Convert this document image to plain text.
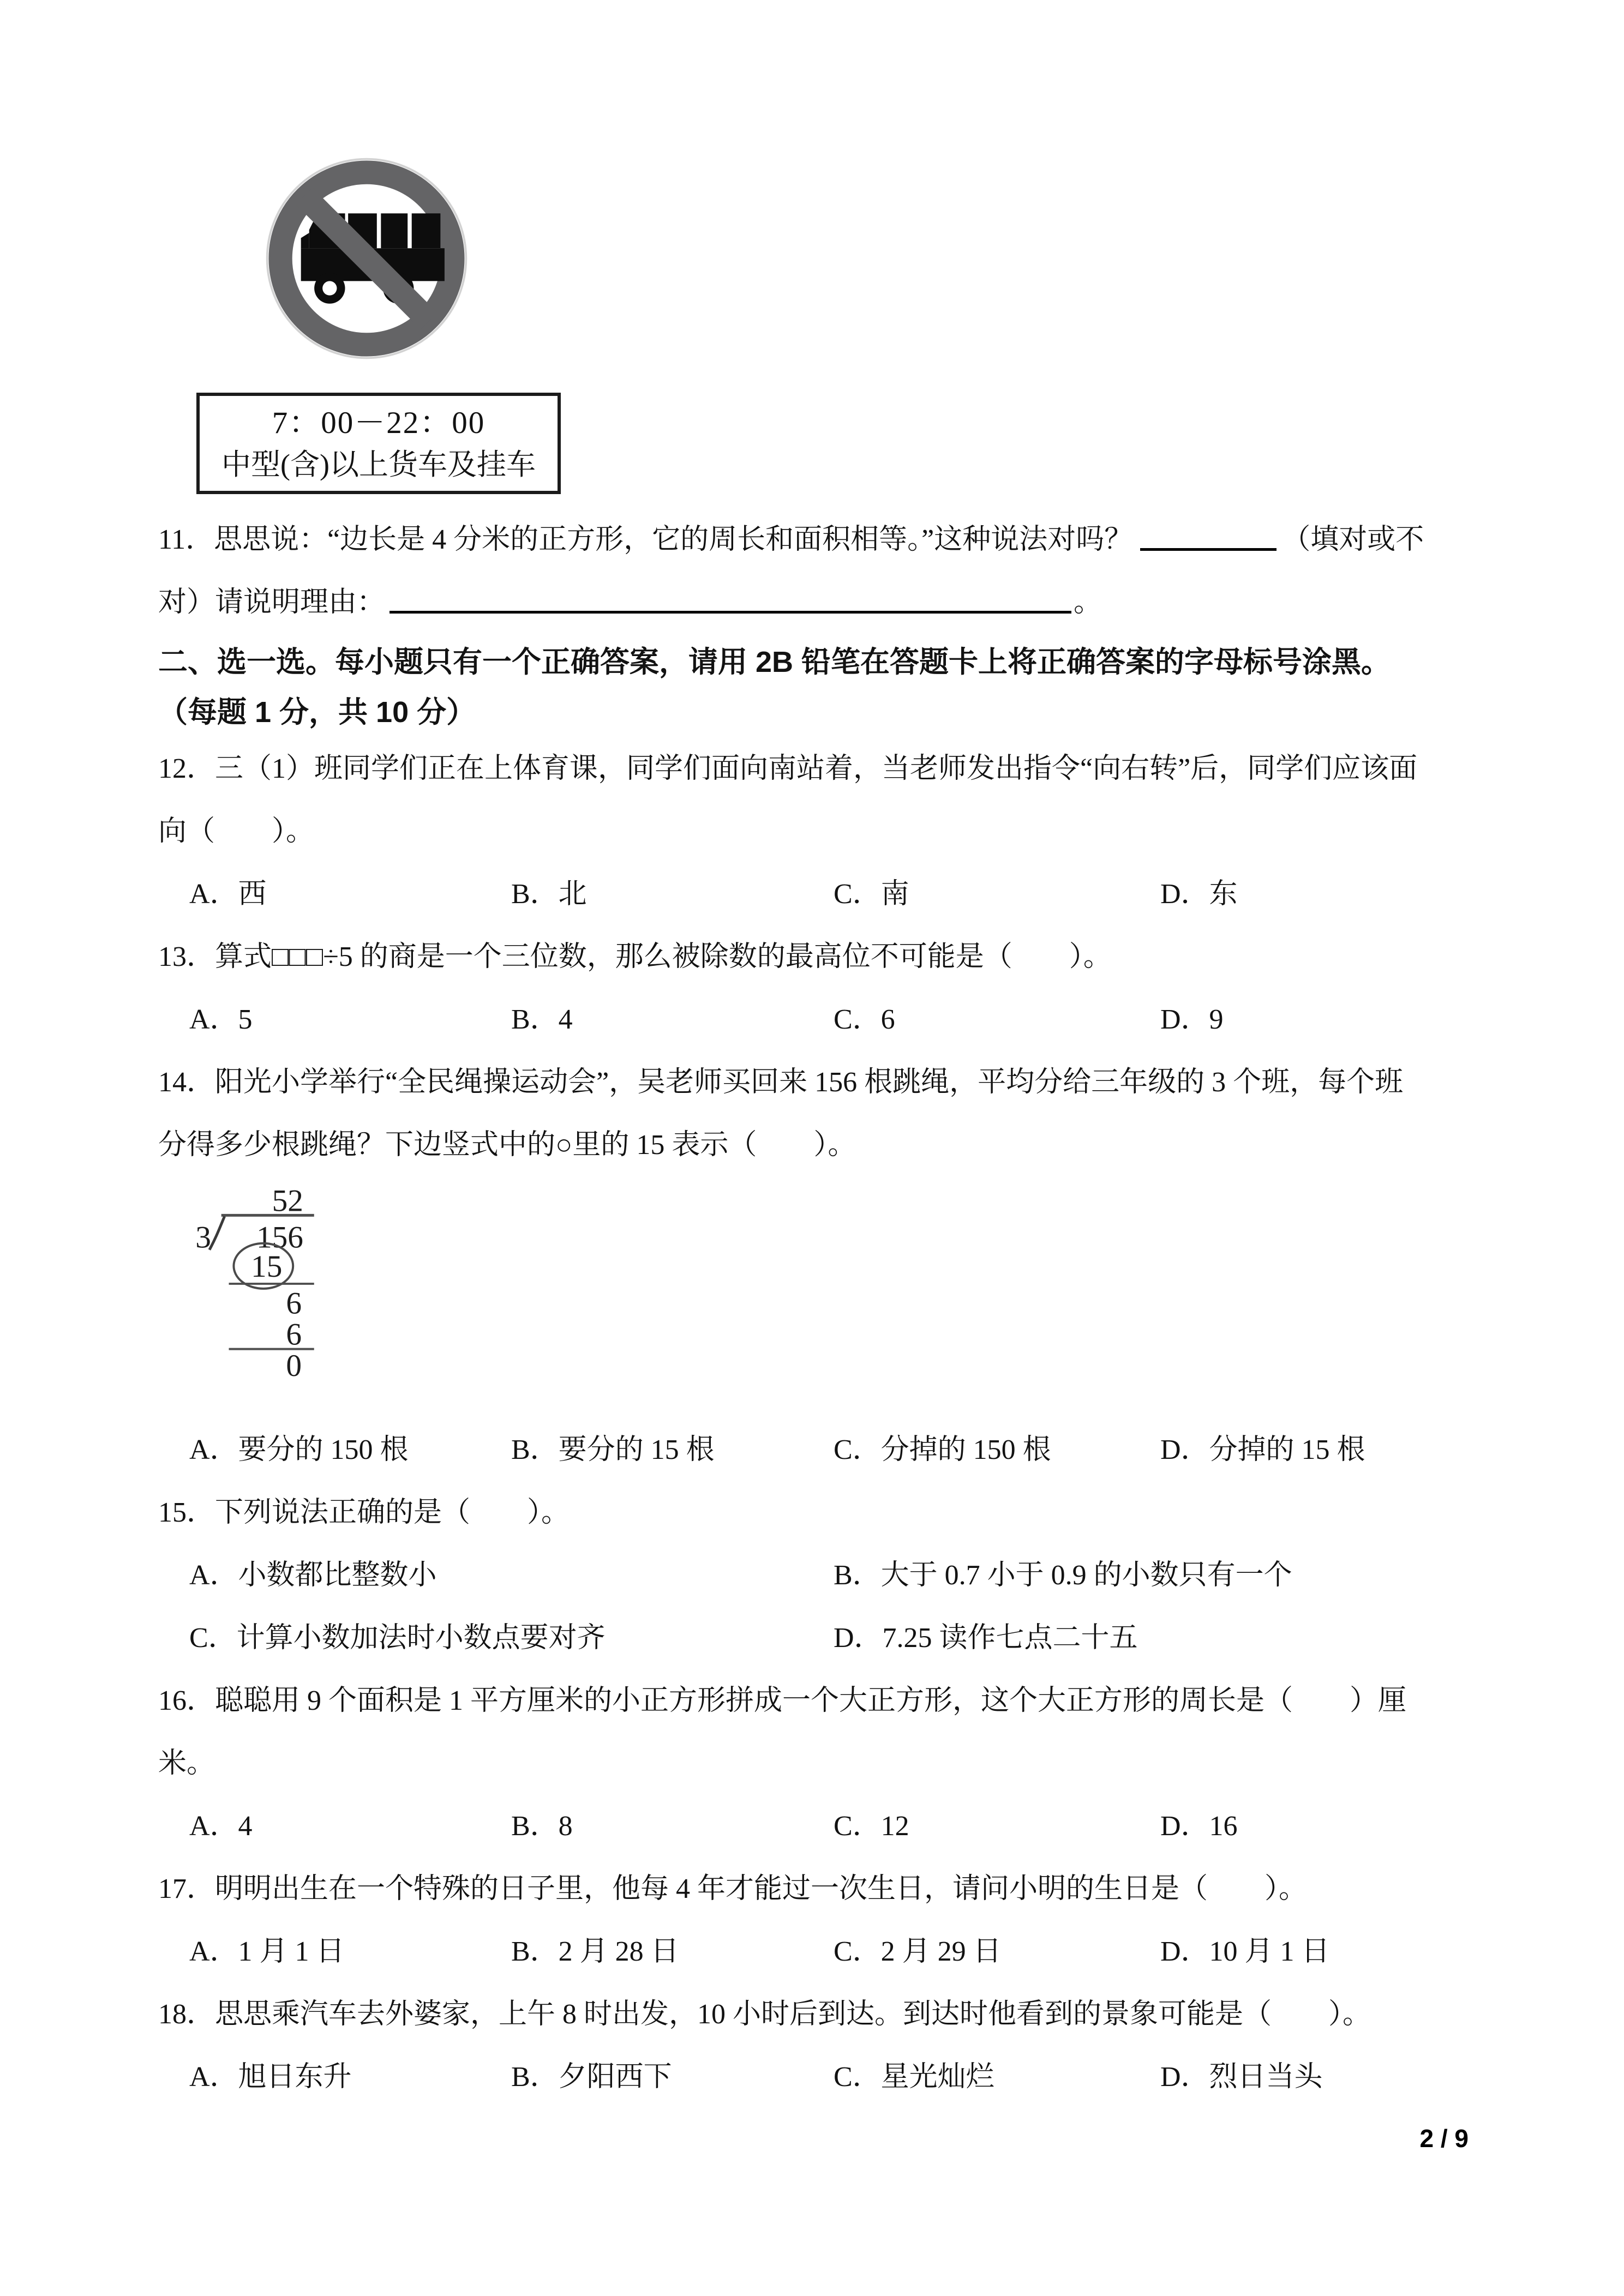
7：00－22：00
中型(含)以上货车及挂车
11．思思说：“边长是 4 分米的正方形，它的周长和面积相等。”这种说法对吗？	（填对或不
对）请说明理由：	。
二、选一选。每小题只有一个正确答案，请用 2B 铅笔在答题卡上将正确答案的字母标号涂黑。
（每题 1 分，共 10 分）
12．三（1）班同学们正在上体育课，同学们面向南站着，当老师发出指令“向右转”后，同学们应该面
向（　　）。
A．西	B．北	C．南	D．东
13．算式□□□÷5 的商是一个三位数，那么被除数的最高位不可能是（　　）。
A．5	B．4	C．6	D．9
14．阳光小学举行“全民绳操运动会”，吴老师买回来 156 根跳绳，平均分给三年级的 3 个班，每个班
分得多少根跳绳？下边竖式中的○里的 15 表示（　　）。
52
3 156
15
6
6
0
A．要分的 150 根	B．要分的 15 根	C．分掉的 150 根	D．分掉的 15 根
15．下列说法正确的是（　　）。
A．小数都比整数小	B．大于 0.7 小于 0.9 的小数只有一个
C．计算小数加法时小数点要对齐	D．7.25 读作七点二十五
16．聪聪用 9 个面积是 1 平方厘米的小正方形拼成一个大正方形，这个大正方形的周长是（　　）厘
米。
A．4	B．8	C．12	D．16
17．明明出生在一个特殊的日子里，他每 4 年才能过一次生日，请问小明的生日是（　　）。
A．1 月 1 日	B．2 月 28 日	C．2 月 29 日	D．10 月 1 日
18．思思乘汽车去外婆家，上午 8 时出发，10 小时后到达。到达时他看到的景象可能是（　　）。
A．旭日东升	B．夕阳西下	C．星光灿烂	D．烈日当头
2 / 9
